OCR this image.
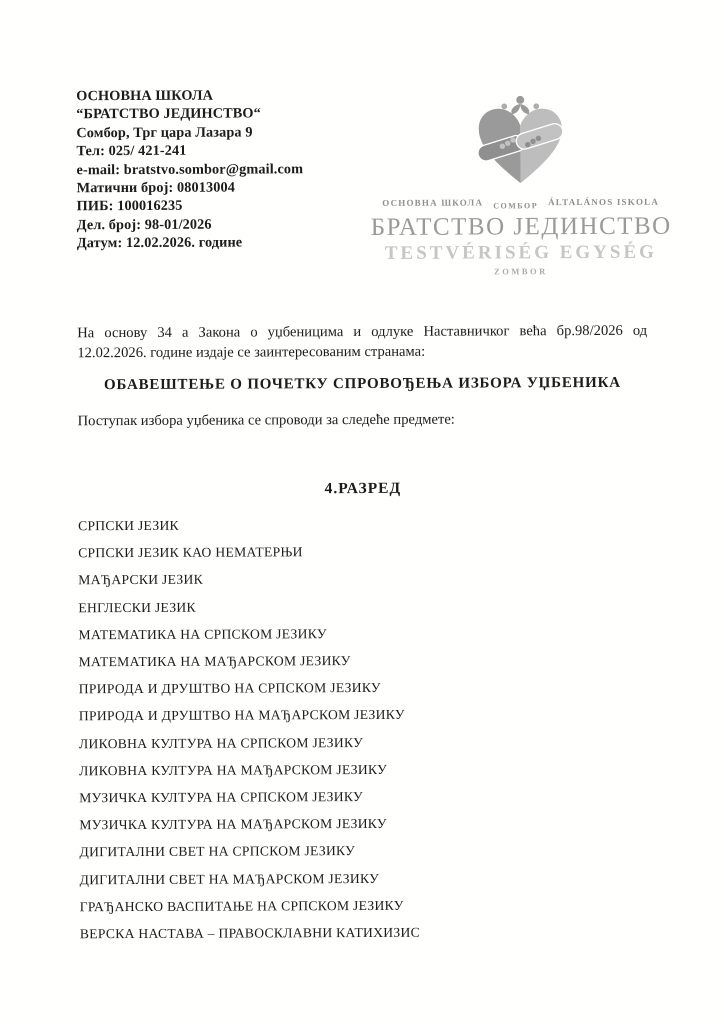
ОСНОВНА ШКОЛА
“БРАТСТВО ЈЕДИНСТВО“
Сомбор, Трг цара Лазара 9
Тел: 025/ 421-241
e-mail: bratstvo.sombor@gmail.com
Матични број: 08013004
ПИБ: 100016235
Дел. број: 98-01/2026
Датум: 12.02.2026. године
ОСНОВНА ШКОЛА СОМБОР ÁLTALÁNOS ISKOLA
БРАТСТВО ЈЕДИНСТВО
TESTVÉRISÉG EGYSÉG
ZOMBOR
На основу 34 а Закона о уџбеницима и одлуке Наставничког већа бр.98/2026 од
12.02.2026. године издаје се заинтересованим странама:
ОБАВЕШТЕЊЕ О ПОЧЕТКУ СПРОВОЂЕЊА ИЗБОРА УЏБЕНИКА
Поступак избора уџбеника се спроводи за следеће предмете:
4.РАЗРЕД
СРПСКИ ЈЕЗИК
СРПСКИ ЈЕЗИК КАО НЕМАТЕРЊИ
МАЂАРСКИ ЈЕЗИК
ЕНГЛЕСКИ ЈЕЗИК
МАТЕМАТИКА НА СРПСКОМ ЈЕЗИКУ
МАТЕМАТИКА НА МАЂАРСКОМ ЈЕЗИКУ
ПРИРОДА И ДРУШТВО НА СРПСКОМ ЈЕЗИКУ
ПРИРОДА И ДРУШТВО НА МАЂАРСКОМ ЈЕЗИКУ
ЛИКОВНА КУЛТУРА НА СРПСКОМ ЈЕЗИКУ
ЛИКОВНА КУЛТУРА НА МАЂАРСКОМ ЈЕЗИКУ
МУЗИЧКА КУЛТУРА НА СРПСКОМ ЈЕЗИКУ
МУЗИЧКА КУЛТУРА НА МАЂАРСКОМ ЈЕЗИКУ
ДИГИТАЛНИ СВЕТ НА СРПСКОМ ЈЕЗИКУ
ДИГИТАЛНИ СВЕТ НА МАЂАРСКОМ ЈЕЗИКУ
ГРАЂАНСКО ВАСПИТАЊЕ НА СРПСКОМ ЈЕЗИКУ
ВЕРСКА НАСТАВА – ПРАВОСКЛАВНИ КАТИХИЗИС
